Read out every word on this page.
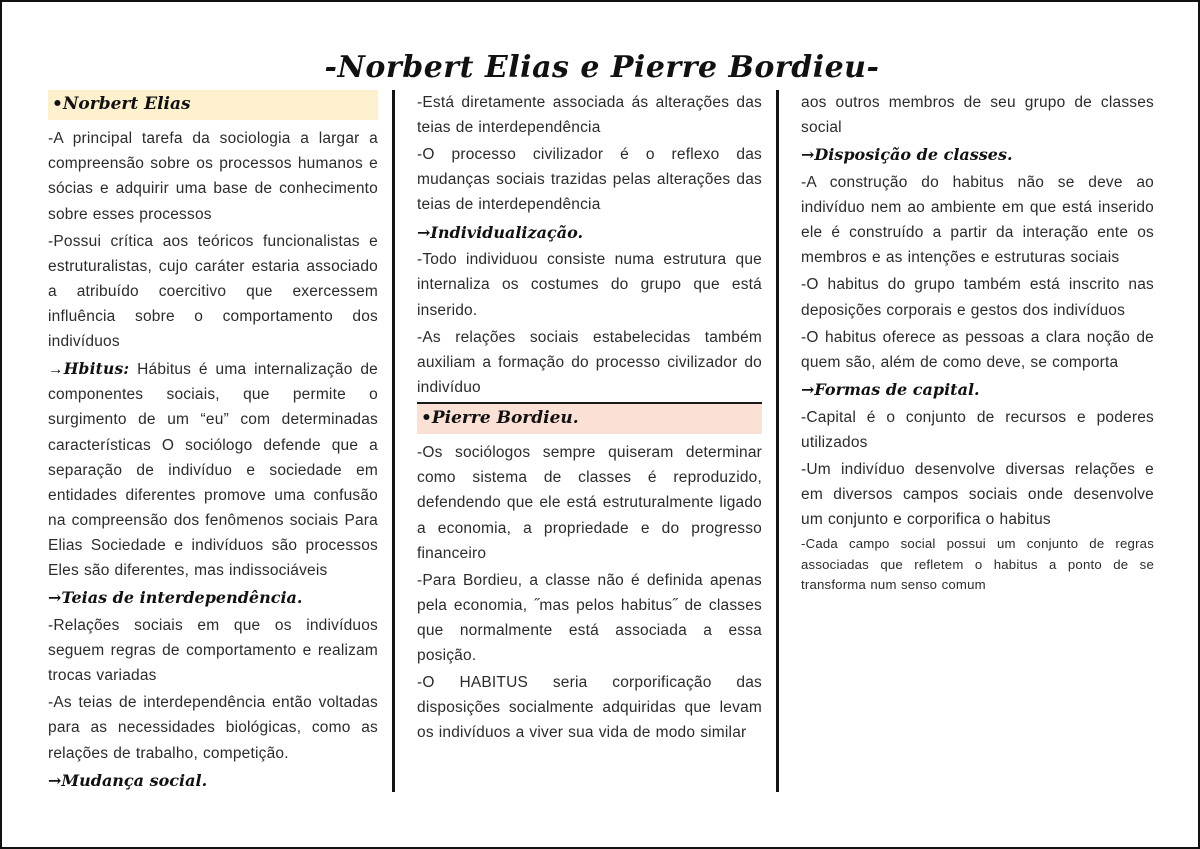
-Norbert Elias e Pierre Bordieu-
•Norbert Elias

-A principal tarefa da sociologia a largar a compreensão sobre os processos humanos e sócias e adquirir uma base de conhecimento sobre esses processos

-Possui crítica aos teóricos funcionalistas e estruturalistas, cujo caráter estaria associado a atribuído coercitivo que exercessem influência sobre o comportamento dos indivíduos

→Hbitus: Hábitus é uma internalização de componentes sociais, que permite o surgimento de um “eu” com determinadas características O sociólogo defende que a separação de indivíduo e sociedade em entidades diferentes promove uma confusão na compreensão dos fenômenos sociais Para Elias Sociedade e indivíduos são processos Eles são diferentes, mas indissociáveis

→Teias de interdependência.

-Relações sociais em que os indivíduos seguem regras de comportamento e realizam trocas variadas

-As teias de interdependência então voltadas para as necessidades biológicas, como as relações de trabalho, competição.

→Mudança social.

-Está diretamente associada ás alterações das teias de interdependência

-O processo civilizador é o reflexo das mudanças sociais trazidas pelas alterações das teias de interdependência

→Individualização.

-Todo individuou consiste numa estrutura que internaliza os costumes do grupo que está inserido.

-As relações sociais estabelecidas também auxiliam a formação do processo civilizador do indivíduo

•Pierre Bordieu.

-Os sociólogos sempre quiseram determinar como sistema de classes é reproduzido, defendendo que ele está estruturalmente ligado a economia, a propriedade e do progresso financeiro

-Para Bordieu, a classe não é definida apenas pela economia, ˝mas pelos habitus˝ de classes que normalmente está associada a essa posição.

-O HABITUS seria corporificação das disposições socialmente adquiridas que levam os indivíduos a viver sua vida de modo similar

aos outros membros de seu grupo de classes social

→Disposição de classes.

-A construção do habitus não se deve ao indivíduo nem ao ambiente em que está inserido ele é construído a partir da interação ente os membros e as intenções e estruturas sociais

-O habitus do grupo também está inscrito nas deposições corporais e gestos dos indivíduos

-O habitus oferece as pessoas a clara noção de quem são, além de como deve, se comporta

→Formas de capital.

-Capital é o conjunto de recursos e poderes utilizados

-Um indivíduo desenvolve diversas relações e em diversos campos sociais onde desenvolve um conjunto e corporifica o habitus

-Cada campo social possui um conjunto de regras associadas que refletem o habitus a ponto de se transforma num senso comum
